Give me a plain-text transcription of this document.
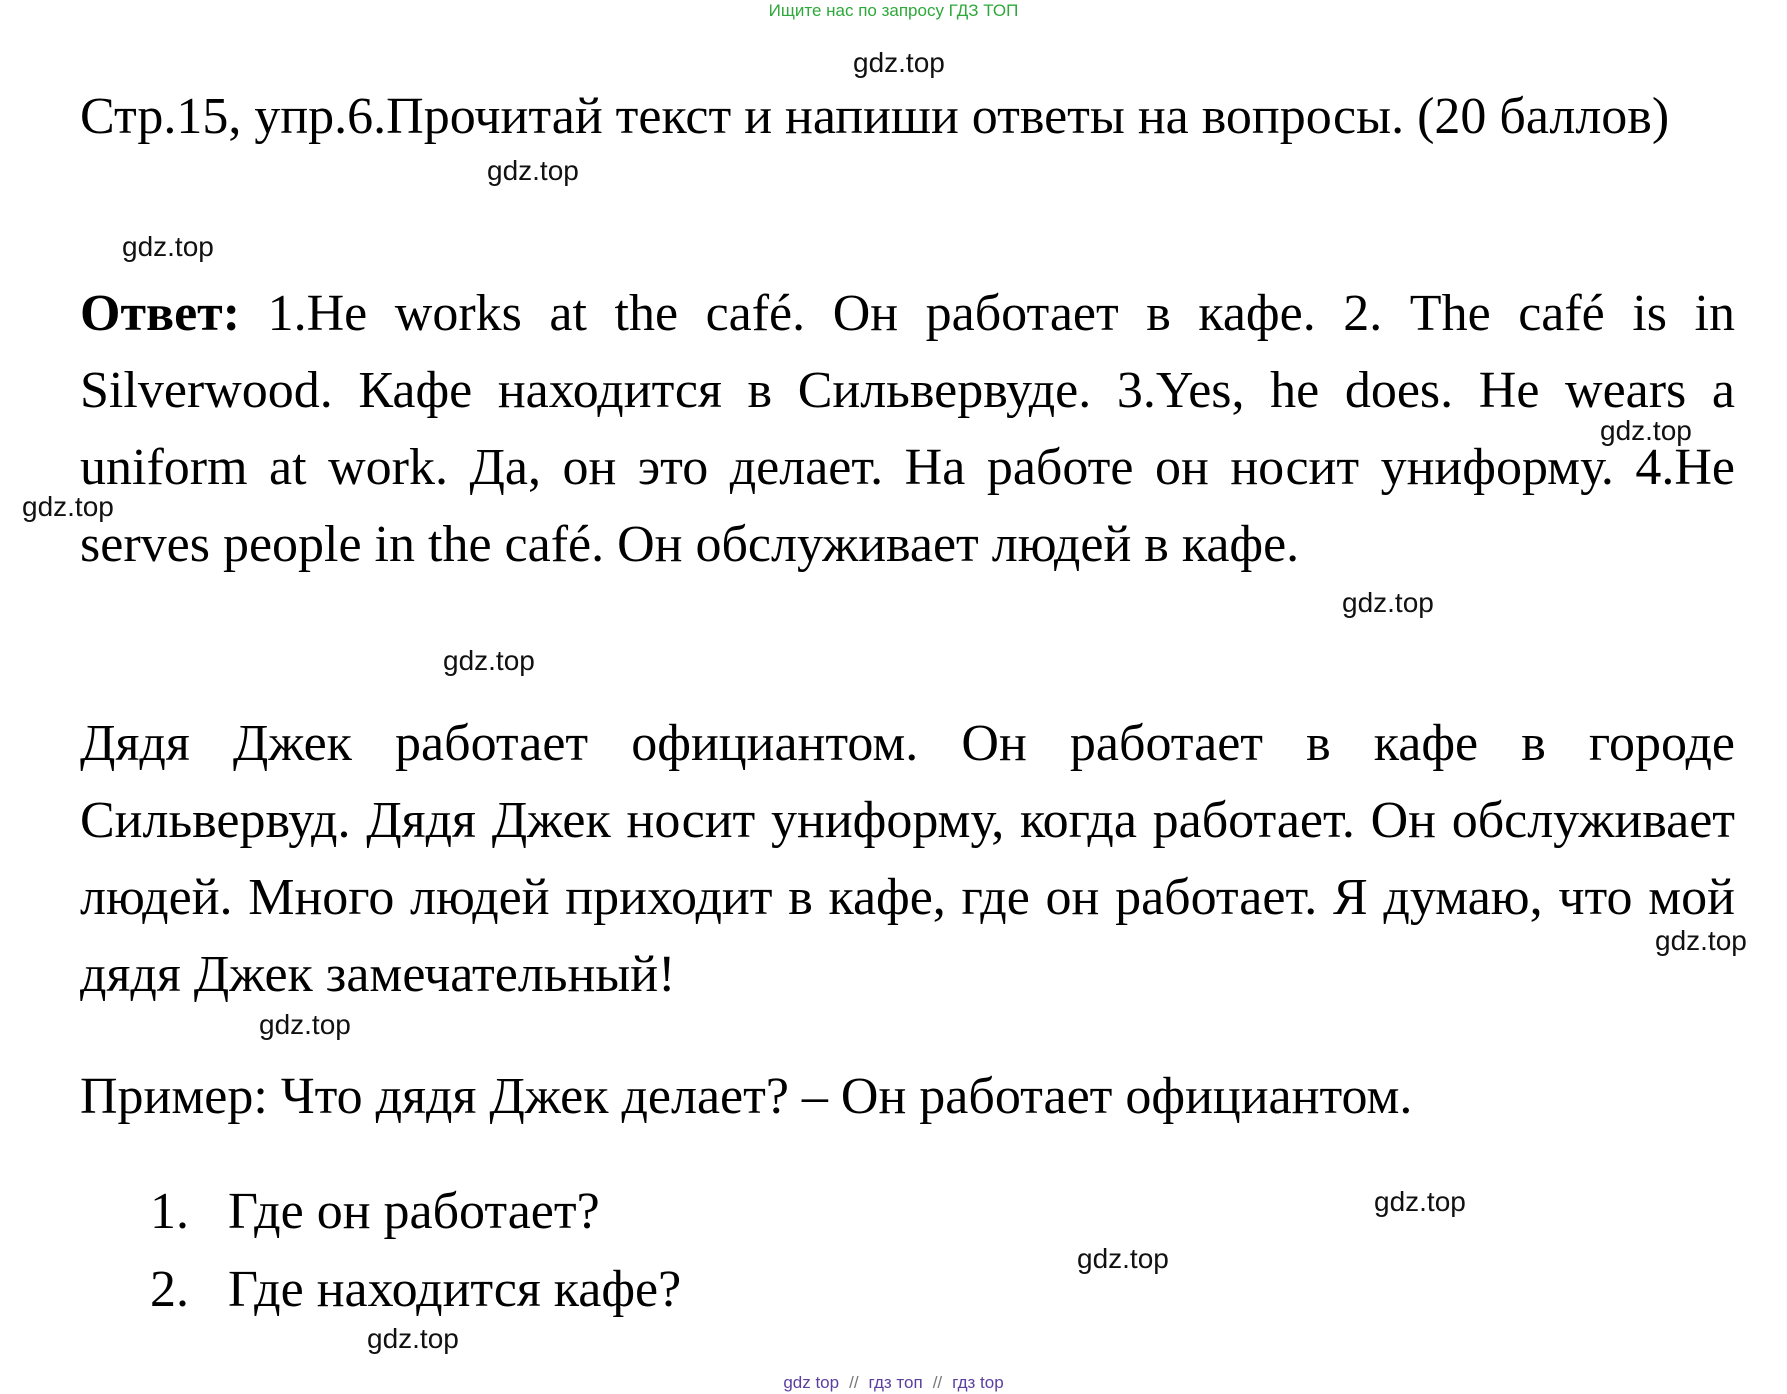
Ищите нас по запросу ГДЗ ТОП
gdz.top
gdz.top
gdz.top
gdz.top
gdz.top
gdz.top
gdz.top
gdz.top
gdz.top
gdz.top
gdz.top
gdz.top

Стр.15, упр.6.Прочитай текст и напиши ответы на вопросы. (20 баллов)

Ответ: 1.He works at the café. Он работает в кафе. 2. The café is in Silverwood. Кафе находится в Сильвервуде. 3.Yes, he does. He wears a uniform at work. Да, он это делает. На работе он носит униформу. 4.He serves people in the café. Он обслуживает людей в кафе.

Дядя Джек работает официантом. Он работает в кафе в городе Сильвервуд. Дядя Джек носит униформу, когда работает. Он обслуживает людей. Много людей приходит в кафе, где он работает. Я думаю, что мой дядя Джек замечательный!

Пример: Что дядя Джек делает? – Он работает официантом.

1. Где он работает?
2. Где находится кафе?
gdz top // гдз топ // гдз top
